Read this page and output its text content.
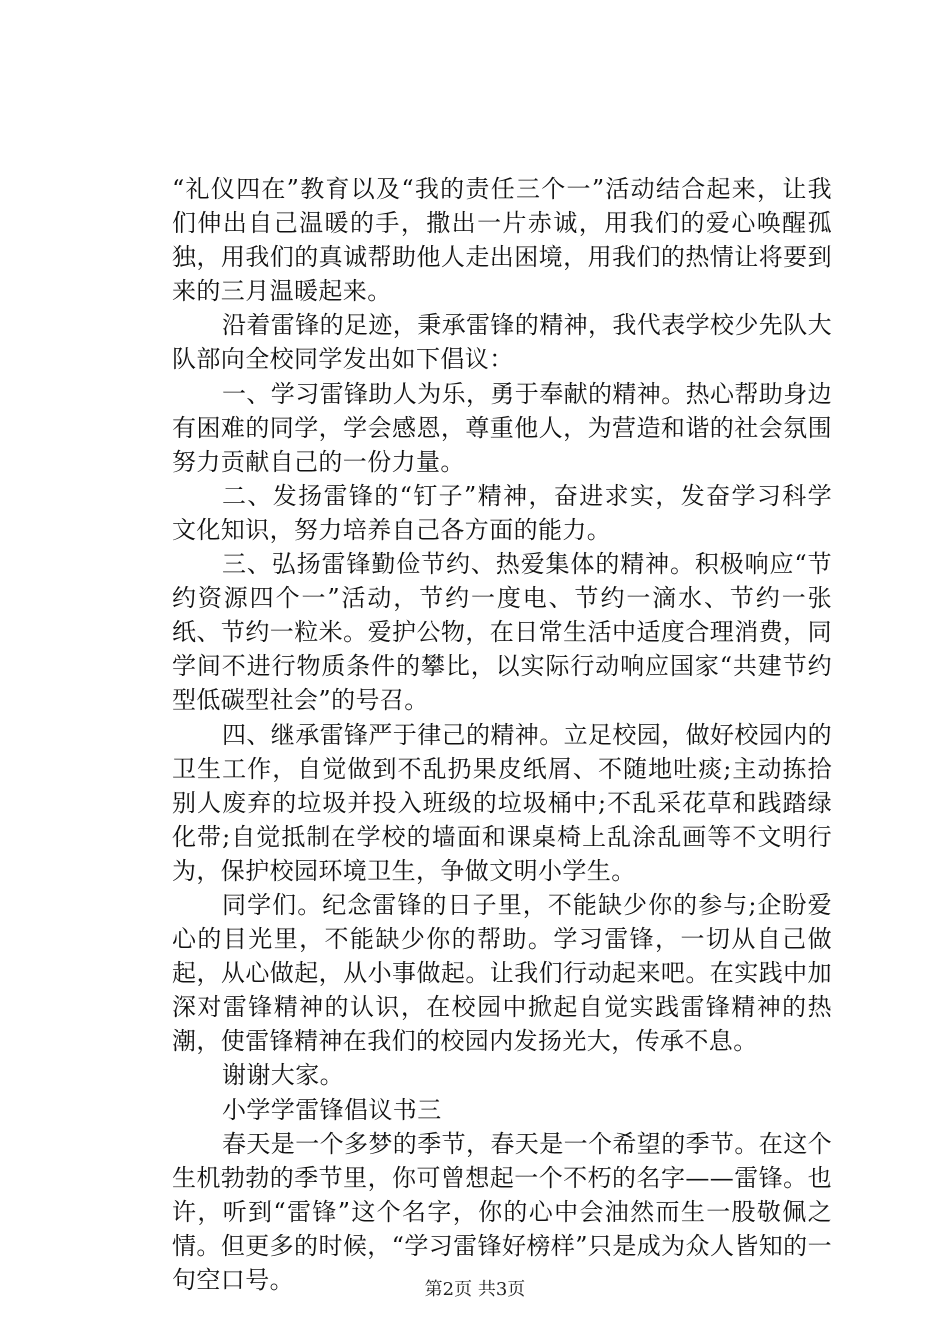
“礼仪四在”教育以及“我的责任三个一”活动结合起来，让我们伸出自己温暖的手，撒出一片赤诚，用我们的爱心唤醒孤独，用我们的真诚帮助他人走出困境，用我们的热情让将要到来的三月温暖起来。

沿着雷锋的足迹，秉承雷锋的精神，我代表学校少先队大队部向全校同学发出如下倡议：

一、学习雷锋助人为乐，勇于奉献的精神。热心帮助身边有困难的同学，学会感恩，尊重他人，为营造和谐的社会氛围努力贡献自己的一份力量。

二、发扬雷锋的“钉子”精神，奋进求实，发奋学习科学文化知识，努力培养自己各方面的能力。

三、弘扬雷锋勤俭节约、热爱集体的精神。积极响应“节约资源四个一”活动，节约一度电、节约一滴水、节约一张纸、节约一粒米。爱护公物，在日常生活中适度合理消费，同学间不进行物质条件的攀比，以实际行动响应国家“共建节约型低碳型社会”的号召。

四、继承雷锋严于律己的精神。立足校园，做好校园内的卫生工作，自觉做到不乱扔果皮纸屑、不随地吐痰;主动拣拾别人废弃的垃圾并投入班级的垃圾桶中;不乱采花草和践踏绿化带;自觉抵制在学校的墙面和课桌椅上乱涂乱画等不文明行为，保护校园环境卫生，争做文明小学生。

同学们。纪念雷锋的日子里，不能缺少你的参与;企盼爱心的目光里，不能缺少你的帮助。学习雷锋，一切从自己做起，从心做起，从小事做起。让我们行动起来吧。在实践中加深对雷锋精神的认识，在校园中掀起自觉实践雷锋精神的热潮，使雷锋精神在我们的校园内发扬光大，传承不息。

谢谢大家。

小学学雷锋倡议书三

春天是一个多梦的季节，春天是一个希望的季节。在这个生机勃勃的季节里，你可曾想起一个不朽的名字——雷锋。也许，听到“雷锋”这个名字，你的心中会油然而生一股敬佩之情。但更多的时候，“学习雷锋好榜样”只是成为众人皆知的一句空口号。	第2页 共3页
